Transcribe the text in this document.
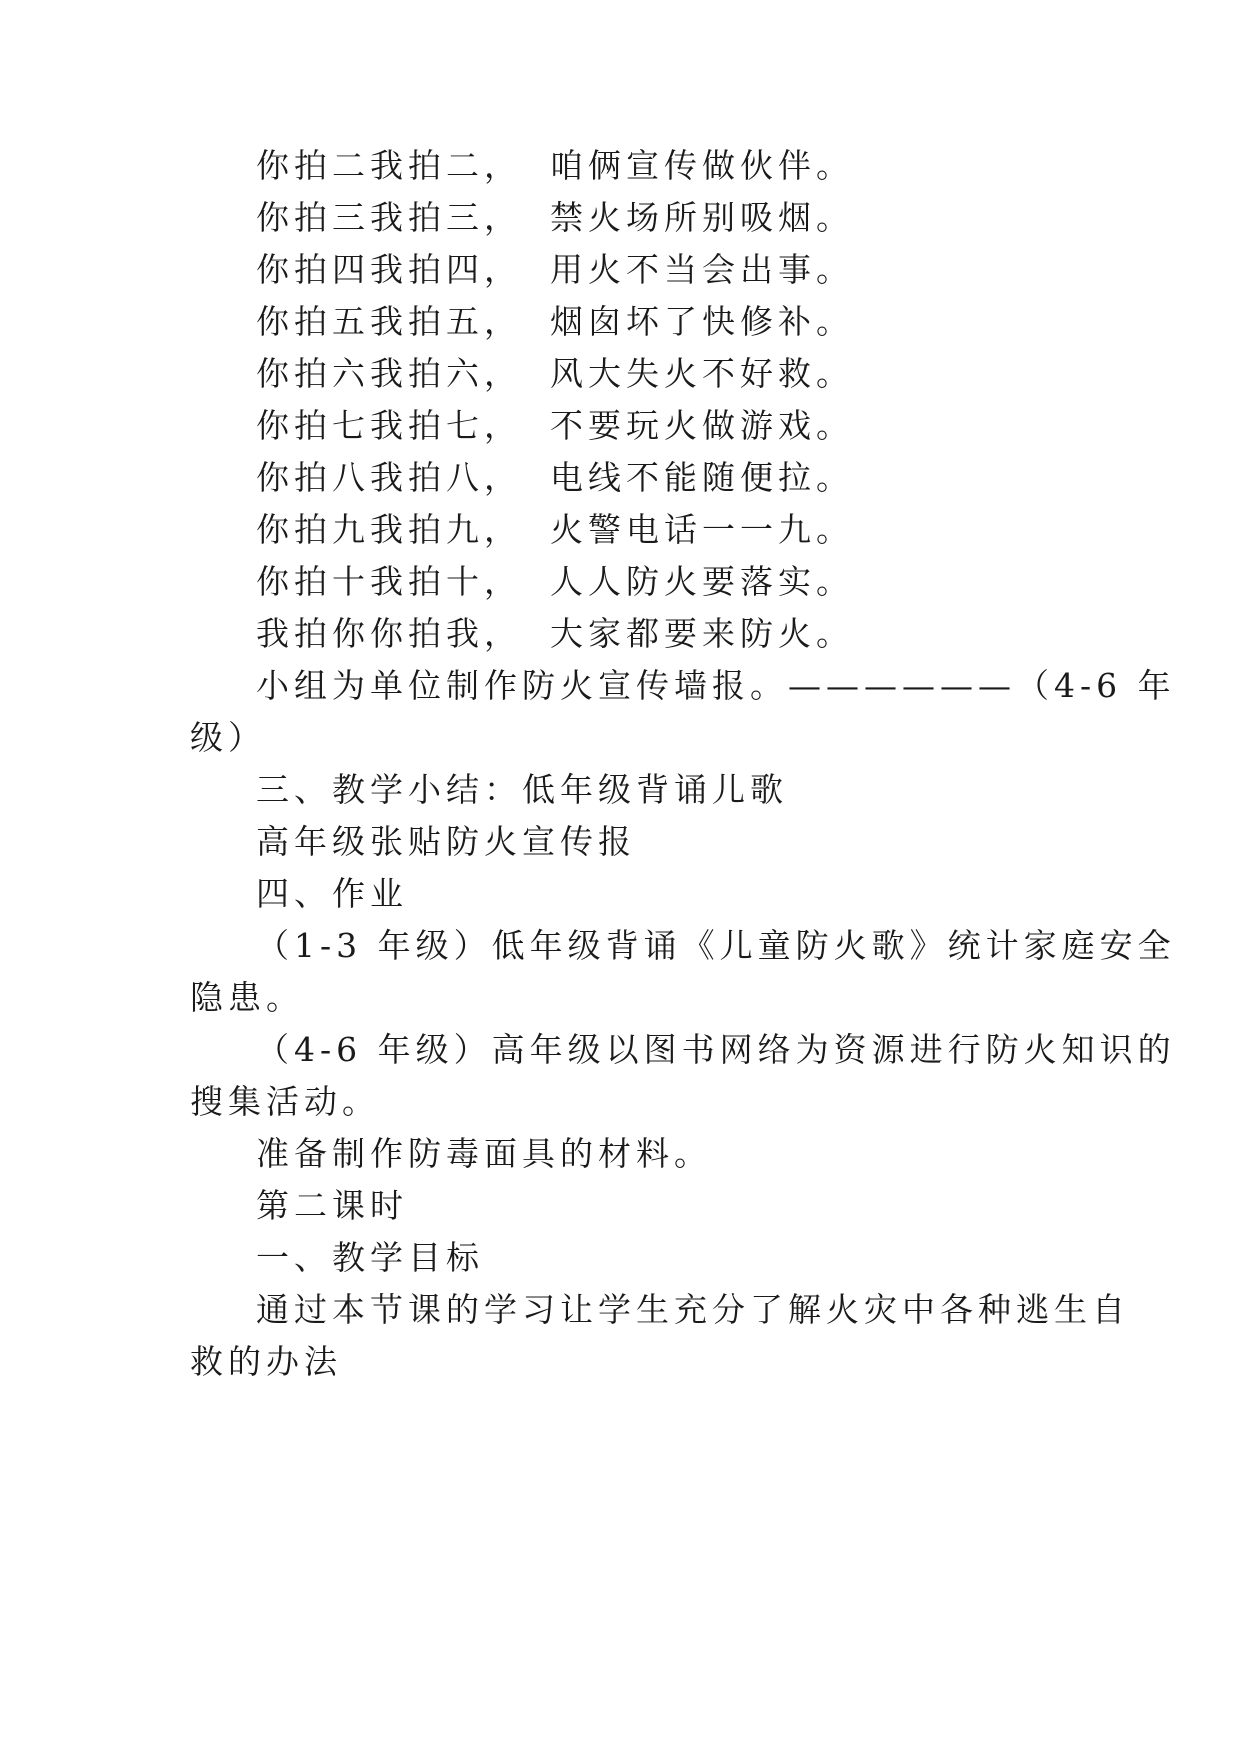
你拍二我拍二， 咱俩宣传做伙伴。
你拍三我拍三， 禁火场所别吸烟。
你拍四我拍四， 用火不当会出事。
你拍五我拍五， 烟囱坏了快修补。
你拍六我拍六， 风大失火不好救。
你拍七我拍七， 不要玩火做游戏。
你拍八我拍八， 电线不能随便拉。
你拍九我拍九， 火警电话一一九。
你拍十我拍十， 人人防火要落实。
我拍你你拍我， 大家都要来防火。
小组为单位制作防火宣传墙报。——————（4-6 年
级）
三、教学小结：低年级背诵儿歌
高年级张贴防火宣传报
四、作业
（1-3 年级）低年级背诵《儿童防火歌》统计家庭安全
隐患。
（4-6 年级）高年级以图书网络为资源进行防火知识的
搜集活动。
准备制作防毒面具的材料。
第二课时
一、教学目标
通过本节课的学习让学生充分了解火灾中各种逃生自
救的办法
